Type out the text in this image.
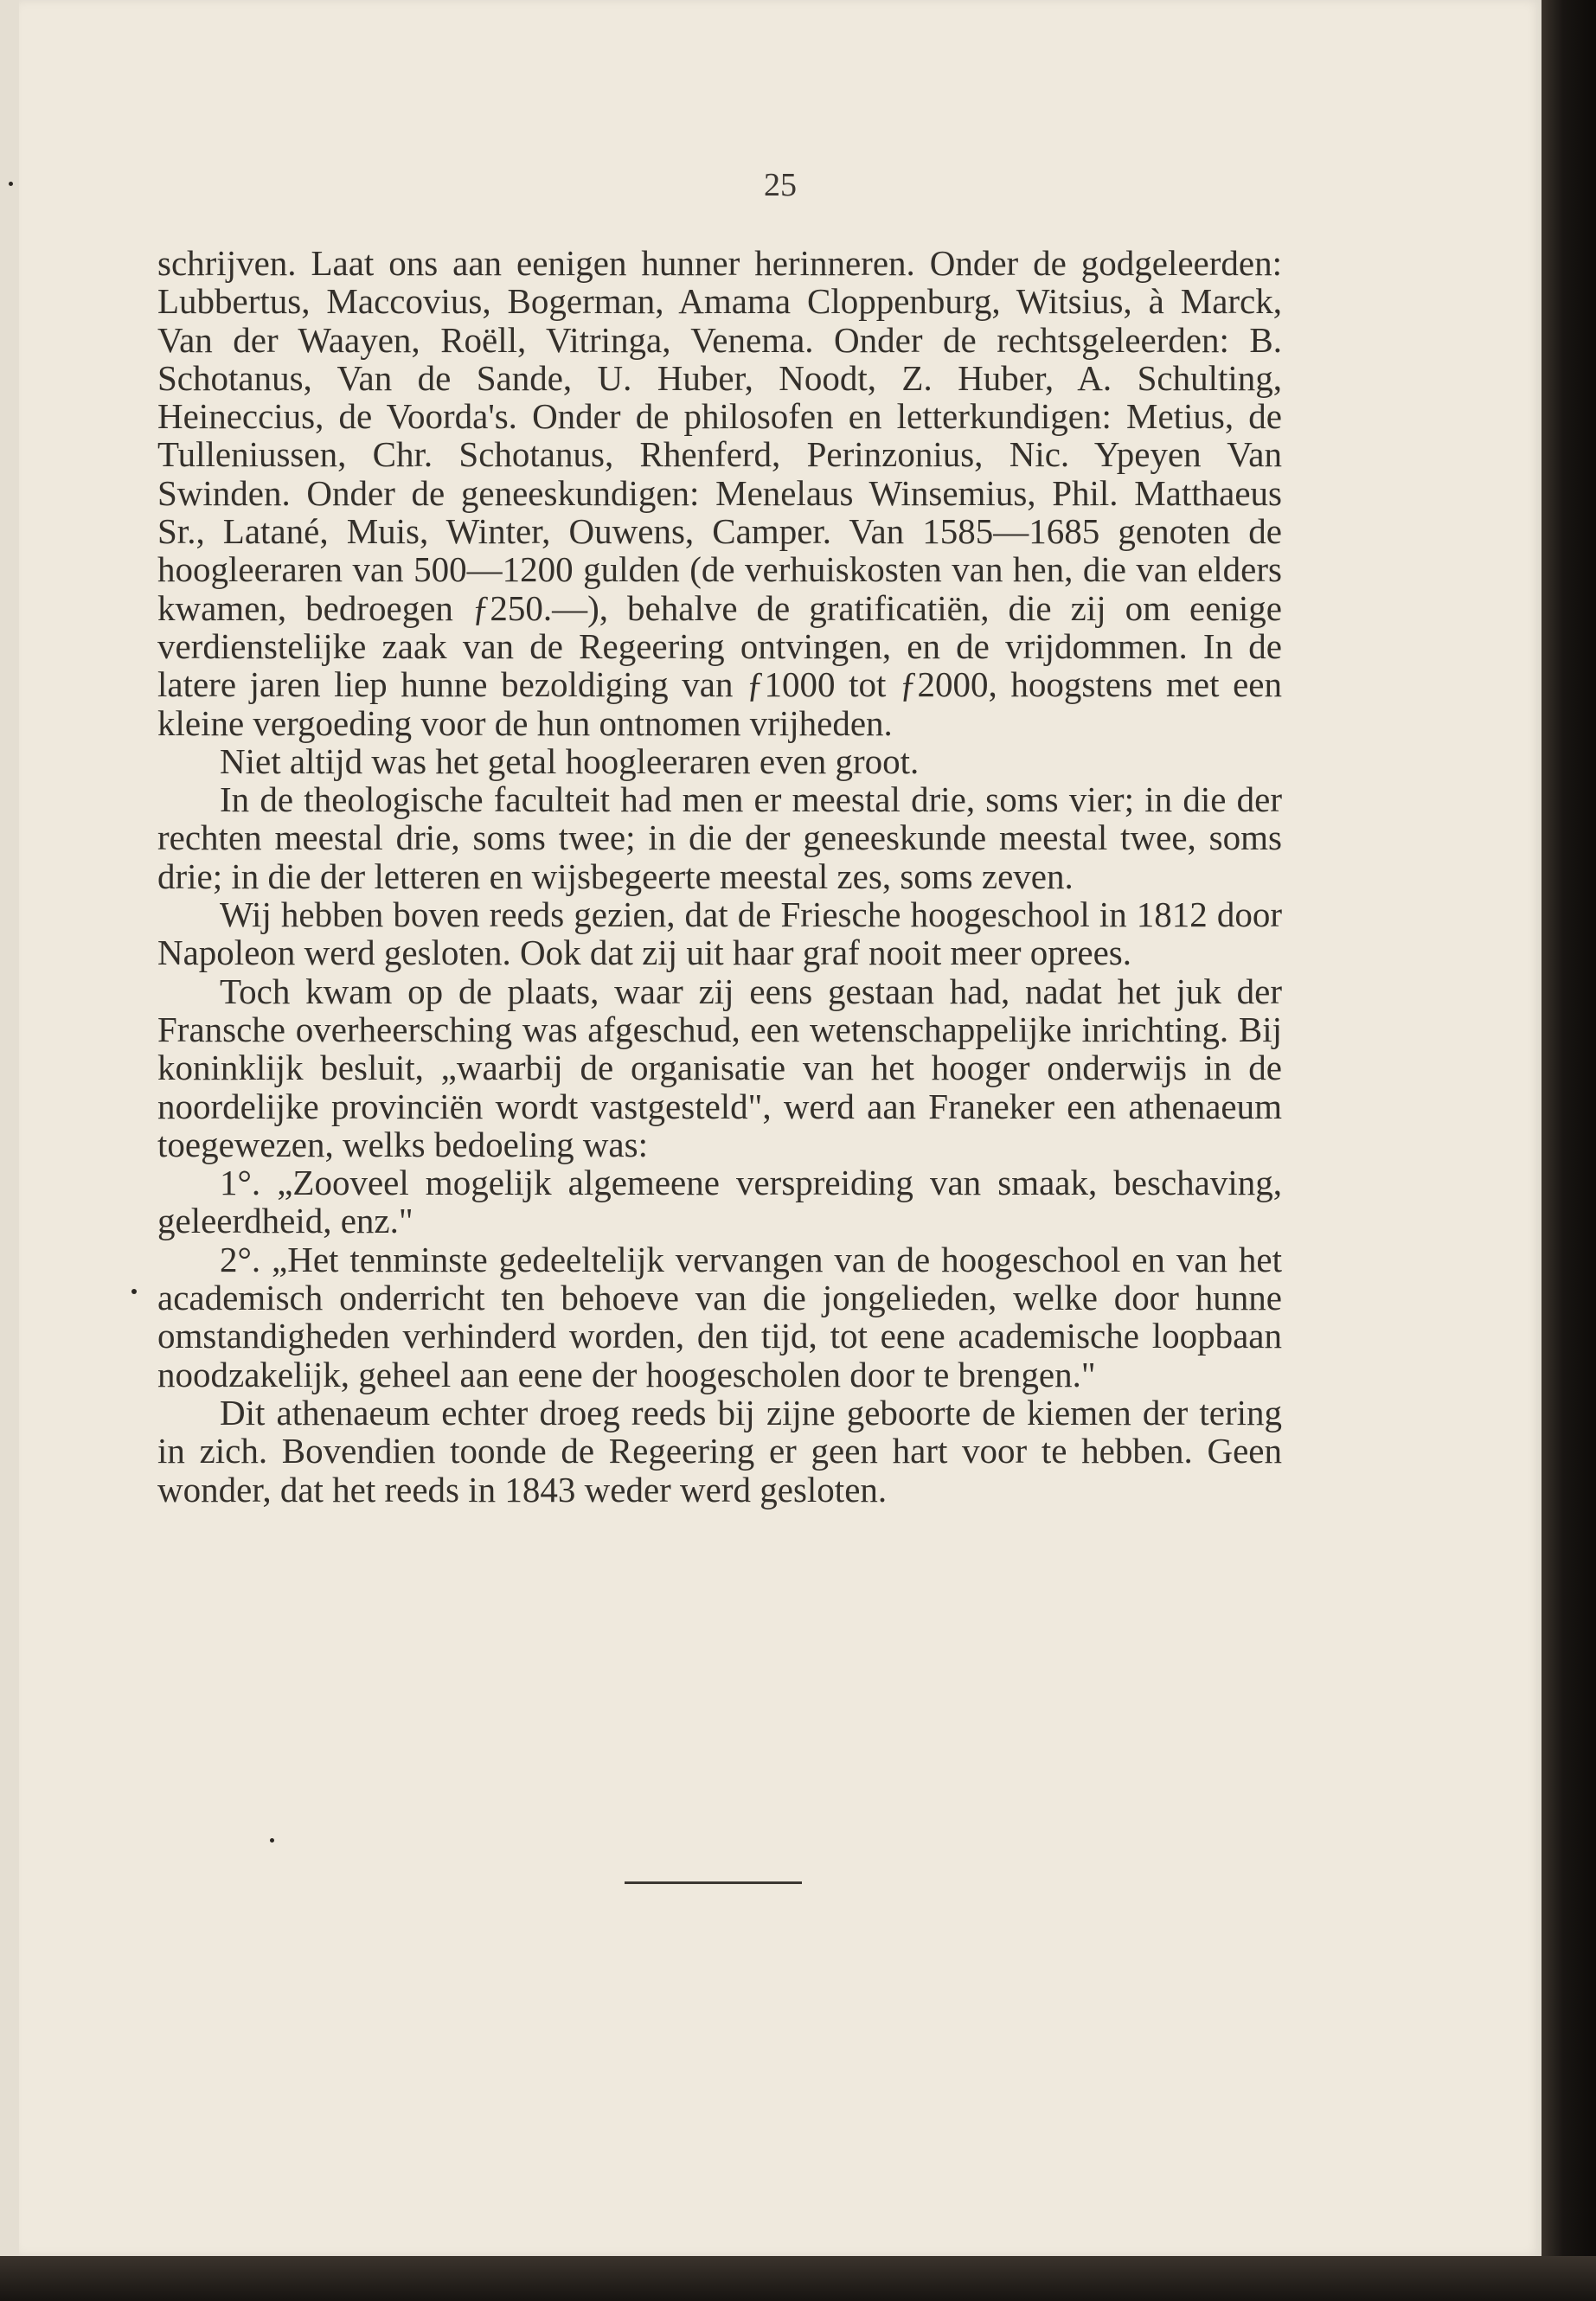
25

schrijven. Laat ons aan eenigen hunner herinneren. Onder de godgeleerden: Lubbertus, Maccovius, Bogerman, Amama Cloppenburg, Witsius, à Marck, Van der Waayen, Roëll, Vitringa, Venema. Onder de rechtsgeleerden: B. Schotanus, Van de Sande, U. Huber, Noodt, Z. Huber, A. Schulting, Heineccius, de Voorda's. Onder de philosofen en letterkundigen: Metius, de Tulleniussen, Chr. Schotanus, Rhenferd, Perinzonius, Nic. Ypeyen Van Swinden. Onder de geneeskundigen: Menelaus Winsemius, Phil. Matthaeus Sr., Latané, Muis, Winter, Ouwens, Camper. Van 1585—1685 genoten de hoogleeraren van 500—1200 gulden (de verhuiskosten van hen, die van elders kwamen, bedroegen ƒ250.—), behalve de gratificatiën, die zij om eenige verdienstelijke zaak van de Regeering ontvingen, en de vrijdommen. In de latere jaren liep hunne bezoldiging van ƒ1000 tot ƒ2000, hoogstens met een kleine vergoeding voor de hun ontnomen vrijheden.

Niet altijd was het getal hoogleeraren even groot.

In de theologische faculteit had men er meestal drie, soms vier; in die der rechten meestal drie, soms twee; in die der geneeskunde meestal twee, soms drie; in die der letteren en wijsbegeerte meestal zes, soms zeven.

Wij hebben boven reeds gezien, dat de Friesche hoogeschool in 1812 door Napoleon werd gesloten. Ook dat zij uit haar graf nooit meer oprees.

Toch kwam op de plaats, waar zij eens gestaan had, nadat het juk der Fransche overheersching was afgeschud, een wetenschappelijke inrichting. Bij koninklijk besluit, „waarbij de organisatie van het hooger onderwijs in de noordelijke provinciën wordt vastgesteld", werd aan Franeker een athenaeum toegewezen, welks bedoeling was:

1°. „Zooveel mogelijk algemeene verspreiding van smaak, beschaving, geleerdheid, enz."

2°. „Het tenminste gedeeltelijk vervangen van de hoogeschool en van het academisch onderricht ten behoeve van die jongelieden, welke door hunne omstandigheden verhinderd worden, den tijd, tot eene academische loopbaan noodzakelijk, geheel aan eene der hoogescholen door te brengen."

Dit athenaeum echter droeg reeds bij zijne geboorte de kiemen der tering in zich. Bovendien toonde de Regeering er geen hart voor te hebben. Geen wonder, dat het reeds in 1843 weder werd gesloten.
